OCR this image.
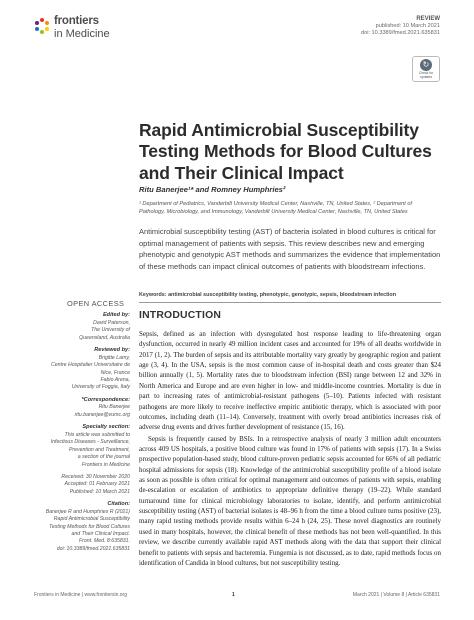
frontiers
in Medicine
REVIEW
published: 10 March 2021
doi: 10.3389/fmed.2021.635831
↻
Check for updates
Rapid Antimicrobial Susceptibility Testing Methods for Blood Cultures and Their Clinical Impact
Ritu Banerjee¹* and Romney Humphries²
¹ Department of Pediatrics, Vanderbilt University Medical Center, Nashville, TN, United States, ² Department of Pathology, Microbiology, and Immunology, Vanderbilt University Medical Center, Nashville, TN, United States
Antimicrobial susceptibility testing (AST) of bacteria isolated in blood cultures is critical for optimal management of patients with sepsis. This review describes new and emerging phenotypic and genotypic AST methods and summarizes the evidence that implementation of these methods can impact clinical outcomes of patients with bloodstream infections.
Keywords: antimicrobial susceptibility testing, phenotypic, genotypic, sepsis, bloodstream infection
OPEN ACCESS
Edited by:
David Paterson,
The University of
Queensland, Australia
Reviewed by:
Brigitte Lamy,
Centre Hospitalier Universitaire de
Nice, France
Fabio Arena,
University of Foggia, Italy
*Correspondence:
Ritu Banerjee
ritu.banerjee@vumc.org
Specialty section:
This article was submitted to
Infectious Diseases - Surveillance,
Prevention and Treatment,
a section of the journal
Frontiers in Medicine
Received: 30 November 2020
Accepted: 01 February 2021
Published: 10 March 2021
Citation:
Banerjee R and Humphries R (2021)
Rapid Antimicrobial Susceptibility
Testing Methods for Blood Cultures
and Their Clinical Impact.
Front. Med. 8:635831.
doi: 10.3389/fmed.2021.635831
INTRODUCTION

Sepsis, defined as an infection with dysregulated host response leading to life-threatening organ dysfunction, occurred in nearly 49 million incident cases and accounted for 19% of all deaths worldwide in 2017 (1, 2). The burden of sepsis and its attributable mortality vary greatly by geographic region and patient age (3, 4). In the USA, sepsis is the most common cause of in-hospital death and costs greater than $24 billion annually (1, 5). Mortality rates due to bloodstream infection (BSI) range between 12 and 32% in North America and Europe and are even higher in low- and middle-income countries. Mortality is due in part to increasing rates of antimicrobial-resistant pathogens (5–10). Patients infected with resistant pathogens are more likely to receive ineffective empiric antibiotic therapy, which is associated with poor outcomes, including death (11–14). Conversely, treatment with overly broad antibiotics increases risk of adverse drug events and drives further development of resistance (15, 16).

Sepsis is frequently caused by BSIs. In a retrospective analysis of nearly 3 million adult encounters across 409 US hospitals, a positive blood culture was found in 17% of patients with sepsis (17). In a Swiss prospective population-based study, blood culture-proven pediatric sepsis accounted for 66% of all pediatric hospital admissions for sepsis (18). Knowledge of the antimicrobial susceptibility profile of a blood isolate as soon as possible is often critical for optimal management and outcomes of patients with sepsis, enabling de-escalation or escalation of antibiotics to appropriate definitive therapy (19–22). While standard turnaround time for clinical microbiology laboratories to isolate, identify, and perform antimicrobial susceptibility testing (AST) of bacterial isolates is 48–96 h from the time a blood culture turns positive (23), many rapid testing methods provide results within 6–24 h (24, 25). These novel diagnostics are routinely used in many hospitals, however, the clinical benefit of these methods has not been well-quantified. In this review, we describe currently available rapid AST methods along with the data that support their clinical benefit to patients with sepsis and bacteremia. Fungemia is not discussed, as to date, rapid methods focus on identification of Candida in blood cultures, but not susceptibility testing.

Frontiers in Medicine | www.frontiersin.org	1	March 2021 | Volume 8 | Article 635831
